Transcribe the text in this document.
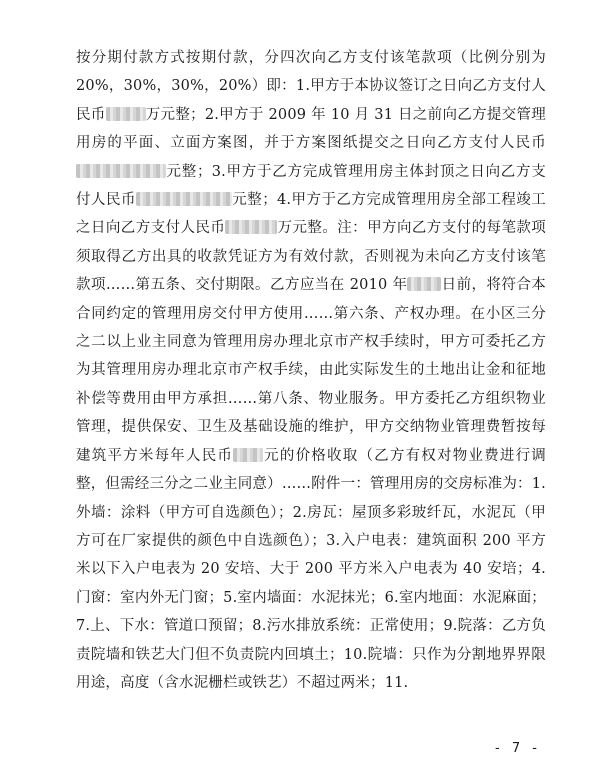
按分期付款方式按期付款，分四次向乙方支付该笔款项（比例分别为20%，30%，30%，20%）即：1.甲方于本协议签订之日向乙方支付人民币	万元整；2.甲方于 2009 年 10 月 31 日之前向乙方提交管理用房的平面、立面方案图，并于方案图纸提交之日向乙方支付人民币元整；3.甲方于乙方完成管理用房主体封顶之日向乙方支付人民币	元整；4.甲方于乙方完成管理用房全部工程竣工之日向乙方支付人民币	万元整。注：甲方向乙方支付的每笔款项须取得乙方出具的收款凭证方为有效付款，否则视为未向乙方支付该笔款项……第五条、交付期限。乙方应当在 2010 年 日前，将符合本合同约定的管理用房交付甲方使用……第六条、产权办理。在小区三分之二以上业主同意为管理用房办理北京市产权手续时，甲方可委托乙方为其管理用房办理北京市产权手续，由此实际发生的土地出让金和征地补偿等费用由甲方承担……第八条、物业服务。甲方委托乙方组织物业管理，提供保安、卫生及基础设施的维护，甲方交纳物业管理费暂按每建筑平方米每年人民币 元的价格收取（乙方有权对物业费进行调整，但需经三分之二业主同意）……附件一：管理用房的交房标准为：1.外墙：涂料（甲方可自选颜色）；2.房瓦：屋顶多彩玻纤瓦，水泥瓦（甲方可在厂家提供的颜色中自选颜色）；3.入户电表：建筑面积 200 平方米以下入户电表为 20 安培、大于 200 平方米入户电表为 40 安培；4.门窗：室内外无门窗；5.室内墙面：水泥抹光；6.室内地面：水泥麻面；7.上、下水：管道口预留；8.污水排放系统：正常使用；9.院落：乙方负责院墙和铁艺大门但不负责院内回填土；10.院墙：只作为分割地界界限用途，高度（含水泥栅栏或铁艺）不超过两米；11.
- 7 -
